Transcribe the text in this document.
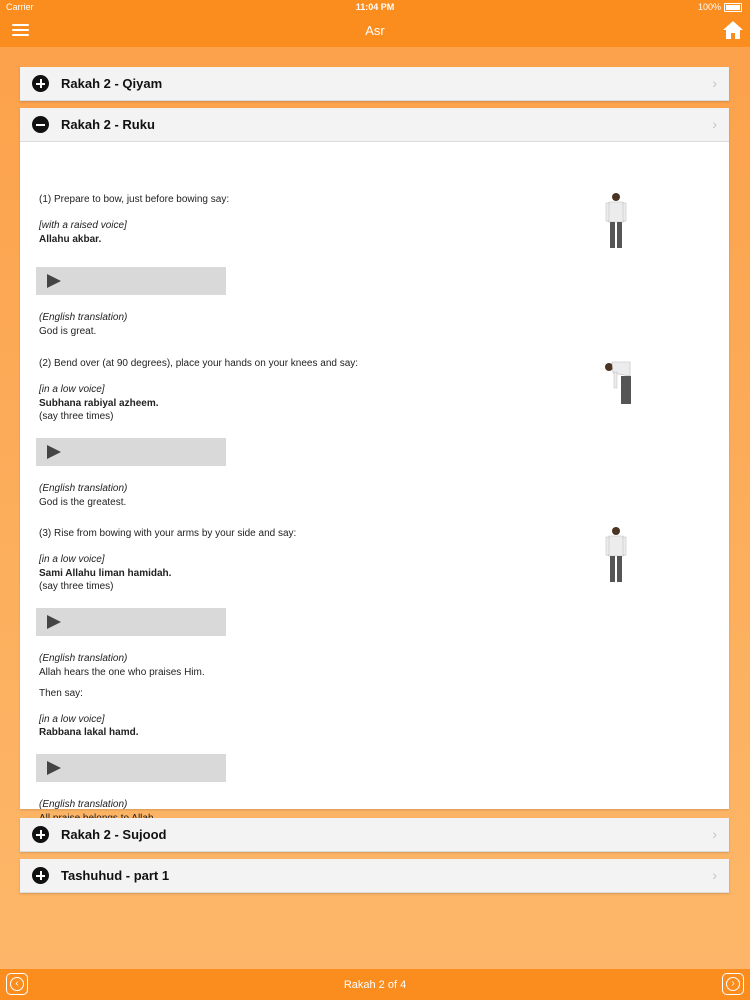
Carrier	11:04 PM	100%
Asr
Rakah 2 - Qiyam	›
Rakah 2 - Ruku	›
(1) Prepare to bow, just before bowing say:
[with a raised voice]
Allahu akbar.
(English translation)
God is great.
(2) Bend over (at 90 degrees), place your hands on your knees and say:
[in a low voice]
Subhana rabiyal azheem.
(say three times)
(English translation)
God is the greatest.
(3) Rise from bowing with your arms by your side and say:
[in a low voice]
Sami Allahu liman hamidah.
(say three times)
(English translation)
Allah hears the one who praises Him.
Then say:
[in a low voice]
Rabbana lakal hamd.
(English translation)
Rakah 2 - Sujood	›
Tashuhud - part 1	›
‹	Rakah 2 of 4	›
